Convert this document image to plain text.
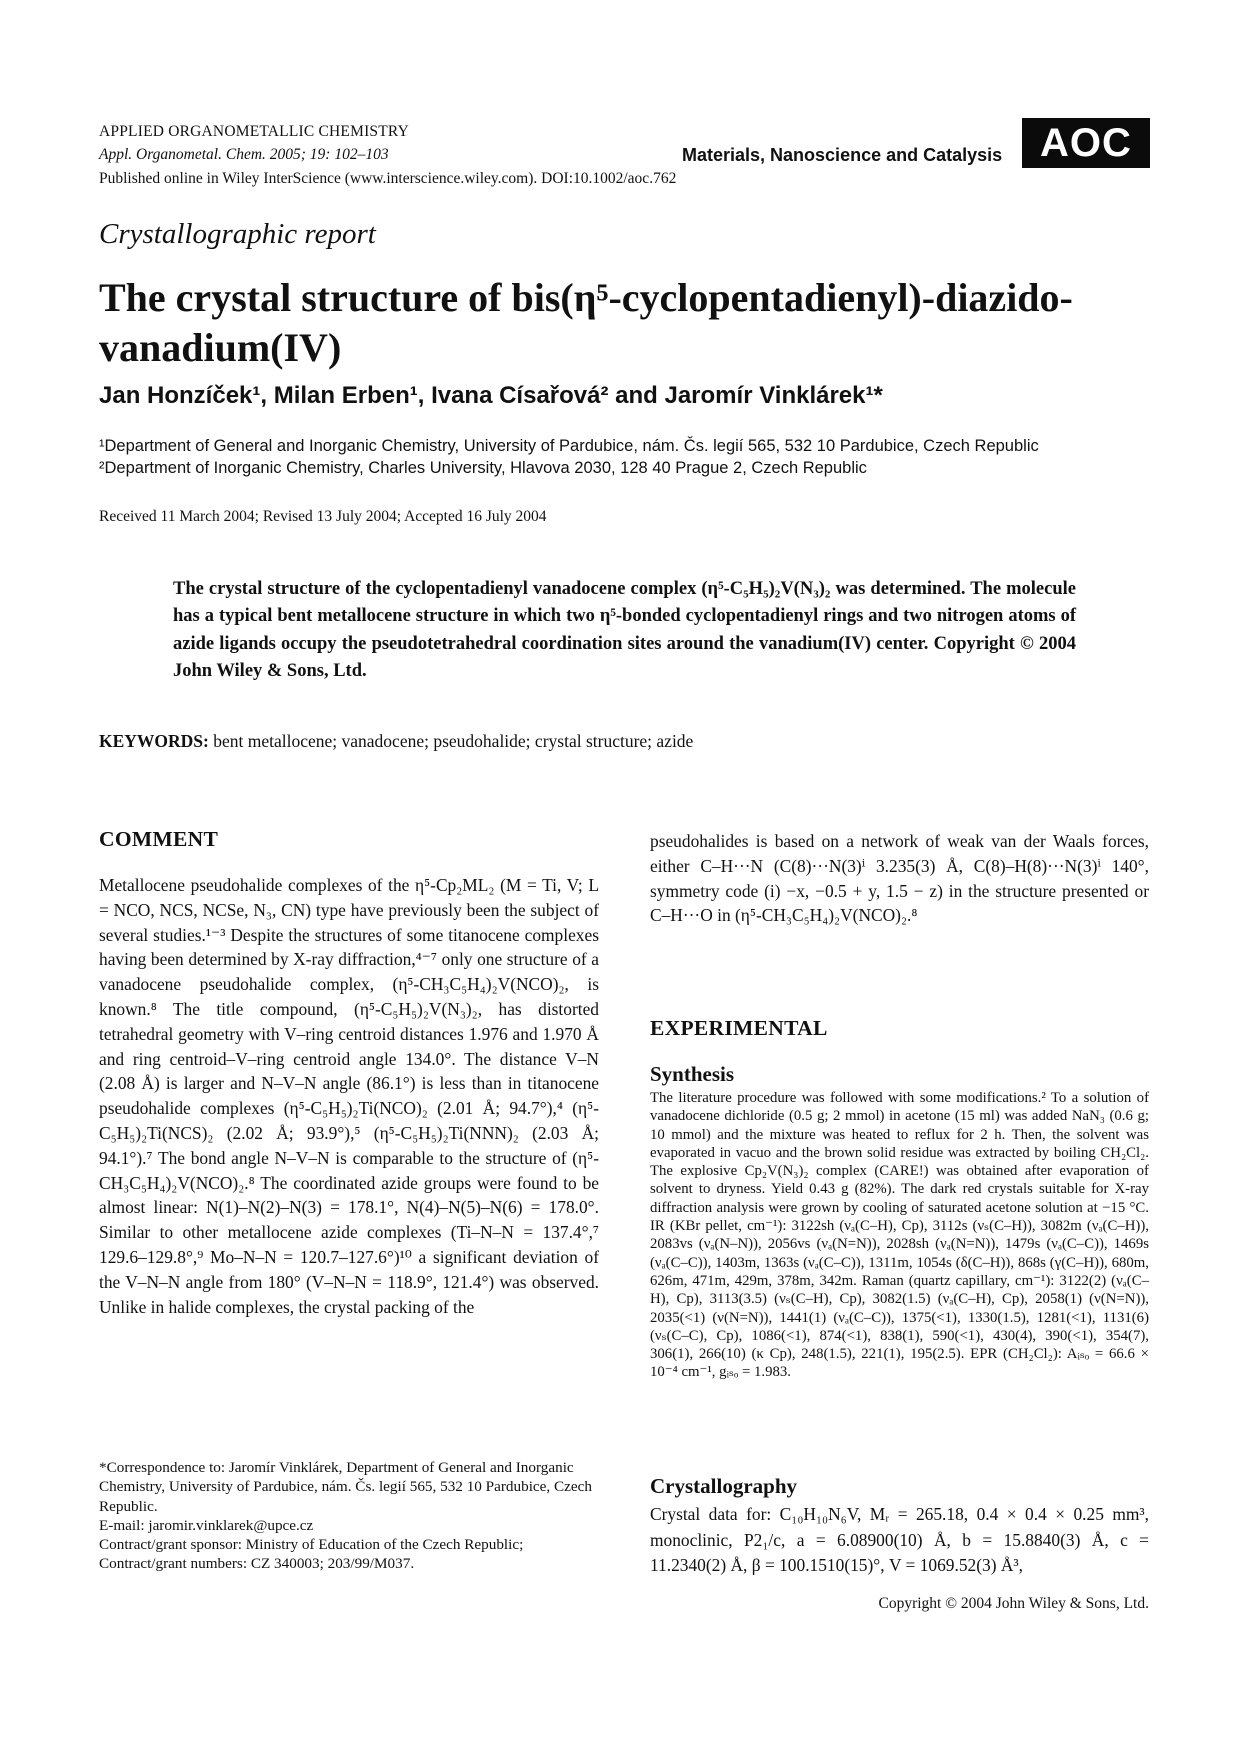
APPLIED ORGANOMETALLIC CHEMISTRY
Appl. Organometal. Chem. 2005; 19: 102–103
Published online in Wiley InterScience (www.interscience.wiley.com). DOI:10.1002/aoc.762
Materials, Nanoscience and Catalysis AOC
Crystallographic report
The crystal structure of bis(η⁵-cyclopentadienyl)-diazido-vanadium(IV)
Jan Honzíček¹, Milan Erben¹, Ivana Císařová² and Jaromír Vinklárek¹*
¹Department of General and Inorganic Chemistry, University of Pardubice, nám. Čs. legií 565, 532 10 Pardubice, Czech Republic
²Department of Inorganic Chemistry, Charles University, Hlavova 2030, 128 40 Prague 2, Czech Republic
Received 11 March 2004; Revised 13 July 2004; Accepted 16 July 2004

The crystal structure of the cyclopentadienyl vanadocene complex (η⁵-C₅H₅)₂V(N₃)₂ was determined. The molecule has a typical bent metallocene structure in which two η⁵-bonded cyclopentadienyl rings and two nitrogen atoms of azide ligands occupy the pseudotetrahedral coordination sites around the vanadium(IV) center. Copyright © 2004 John Wiley & Sons, Ltd.

KEYWORDS: bent metallocene; vanadocene; pseudohalide; crystal structure; azide
COMMENT

Metallocene pseudohalide complexes of the η⁵-Cp₂ML₂ (M = Ti, V; L = NCO, NCS, NCSe, N₃, CN) type have previously been the subject of several studies.¹⁻³ Despite the structures of some titanocene complexes having been determined by X-ray diffraction,⁴⁻⁷ only one structure of a vanadocene pseudohalide complex, (η⁵-CH₃C₅H₄)₂V(NCO)₂, is known.⁸ The title compound, (η⁵-C₅H₅)₂V(N₃)₂, has distorted tetrahedral geometry with V–ring centroid distances 1.976 and 1.970 Å and ring centroid–V–ring centroid angle 134.0°. The distance V–N (2.08 Å) is larger and N–V–N angle (86.1°) is less than in titanocene pseudohalide complexes (η⁵-C₅H₅)₂Ti(NCO)₂ (2.01 Å; 94.7°),⁴ (η⁵-C₅H₅)₂Ti(NCS)₂ (2.02 Å; 93.9°),⁵ (η⁵-C₅H₅)₂Ti(NNN)₂ (2.03 Å; 94.1°).⁷ The bond angle N–V–N is comparable to the structure of (η⁵-CH₃C₅H₄)₂V(NCO)₂.⁸ The coordinated azide groups were found to be almost linear: N(1)–N(2)–N(3) = 178.1°, N(4)–N(5)–N(6) = 178.0°. Similar to other metallocene azide complexes (Ti–N–N = 137.4°,⁷ 129.6–129.8°,⁹ Mo–N–N = 120.7–127.6°)¹⁰ a significant deviation of the V–N–N angle from 180° (V–N–N = 118.9°, 121.4°) was observed. Unlike in halide complexes, the crystal packing of the

*Correspondence to: Jaromír Vinklárek, Department of General and Inorganic Chemistry, University of Pardubice, nám. Čs. legií 565, 532 10 Pardubice, Czech Republic.
E-mail: jaromir.vinklarek@upce.cz
Contract/grant sponsor: Ministry of Education of the Czech Republic; Contract/grant numbers: CZ 340003; 203/99/M037.

pseudohalides is based on a network of weak van der Waals forces, either C–H···N (C(8)···N(3)ⁱ 3.235(3) Å, C(8)–H(8)···N(3)ⁱ 140°, symmetry code (i) −x, −0.5 + y, 1.5 − z) in the structure presented or C–H···O in (η⁵-CH₃C₅H₄)₂V(NCO)₂.⁸

EXPERIMENTAL
Synthesis

The literature procedure was followed with some modifications.² To a solution of vanadocene dichloride (0.5 g; 2 mmol) in acetone (15 ml) was added NaN₃ (0.6 g; 10 mmol) and the mixture was heated to reflux for 2 h. Then, the solvent was evaporated in vacuo and the brown solid residue was extracted by boiling CH₂Cl₂. The explosive Cp₂V(N₃)₂ complex (CARE!) was obtained after evaporation of solvent to dryness. Yield 0.43 g (82%). The dark red crystals suitable for X-ray diffraction analysis were grown by cooling of saturated acetone solution at −15 °C. IR (KBr pellet, cm⁻¹): 3122sh (νₐ(C–H), Cp), 3112s (νₛ(C–H)), 3082m (νₐ(C–H)), 2083vs (νₐ(N–N)), 2056vs (νₐ(N=N)), 2028sh (νₐ(N=N)), 1479s (νₐ(C–C)), 1469s (νₐ(C–C)), 1403m, 1363s (νₐ(C–C)), 1311m, 1054s (δ(C–H)), 868s (γ(C–H)), 680m, 626m, 471m, 429m, 378m, 342m. Raman (quartz capillary, cm⁻¹): 3122(2) (νₐ(C–H), Cp), 3113(3.5) (νₛ(C–H), Cp), 3082(1.5) (νₐ(C–H), Cp), 2058(1) (ν(N=N)), 2035(<1) (ν(N=N)), 1441(1) (νₐ(C–C)), 1375(<1), 1330(1.5), 1281(<1), 1131(6) (νₛ(C–C), Cp), 1086(<1), 874(<1), 838(1), 590(<1), 430(4), 390(<1), 354(7), 306(1), 266(10) (κ Cp), 248(1.5), 221(1), 195(2.5). EPR (CH₂Cl₂): Aᵢₛₒ = 66.6 × 10⁻⁴ cm⁻¹, gᵢₛₒ = 1.983.

Crystallography

Crystal data for: C₁₀H₁₀N₆V, Mᵣ = 265.18, 0.4 × 0.4 × 0.25 mm³, monoclinic, P2₁/c, a = 6.08900(10) Å, b = 15.8840(3) Å, c = 11.2340(2) Å, β = 100.1510(15)°, V = 1069.52(3) Å³,

Copyright © 2004 John Wiley & Sons, Ltd.
